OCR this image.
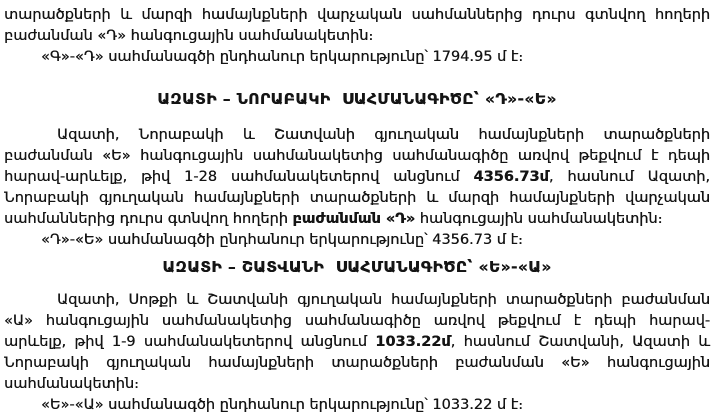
տարածքների և մարզի համայնքների վարչական սահմաններից դուրս գտնվող հողերի
բաժանման «Դ» հանգուցային սահմանակետին։
«Գ»-«Դ» սահմանագծի ընդհանուր երկարությունը՝ 1794.95 մ է։
ԱԶԱՏԻ – ՆՈՐԱԲԱԿԻ  ՍԱՀՄԱՆԱԳԻԾԸ՝ «Դ»-«Ե»
Ազատի, Նորաբակի և Շատվանի գյուղական համայնքների տարածքների
բաժանման «Ե» հանգուցային սահմանակետից սահմանագիծը առվով թեքվում է դեպի
հարավ-արևելք, թիվ 1-28 սահմանակետերով անցնում 4356.73մ, հասնում Ազատի,
Նորաբակի գյուղական համայնքների տարածքների և մարզի համայնքների վարչական
սահմաններից դուրս գտնվող հողերի բաժանման «Դ» հանգուցային սահմանակետին։
«Դ»-«Ե» սահմանագծի ընդհանուր երկարությունը՝ 4356.73 մ է։
ԱԶԱՏԻ – ՇԱՏՎԱՆԻ  ՍԱՀՄԱՆԱԳԻԾԸ՝ «Ե»-«Ա»
Ազատի, Սոթքի և Շատվանի գյուղական համայնքների տարածքների բաժանման
«Ա» հանգուցային սահմանակետից սահմանագիծը առվով թեքվում է դեպի հարավ-
արևելք, թիվ 1-9 սահմանակետերով անցնում 1033.22մ, հասնում Շատվանի, Ազատի և
Նորաբակի գյուղական համայնքների տարածքների բաժանման «Ե» հանգուցային
սահմանակետին։
«Ե»-«Ա» սահմանագծի ընդհանուր երկարությունը՝ 1033.22 մ է։
